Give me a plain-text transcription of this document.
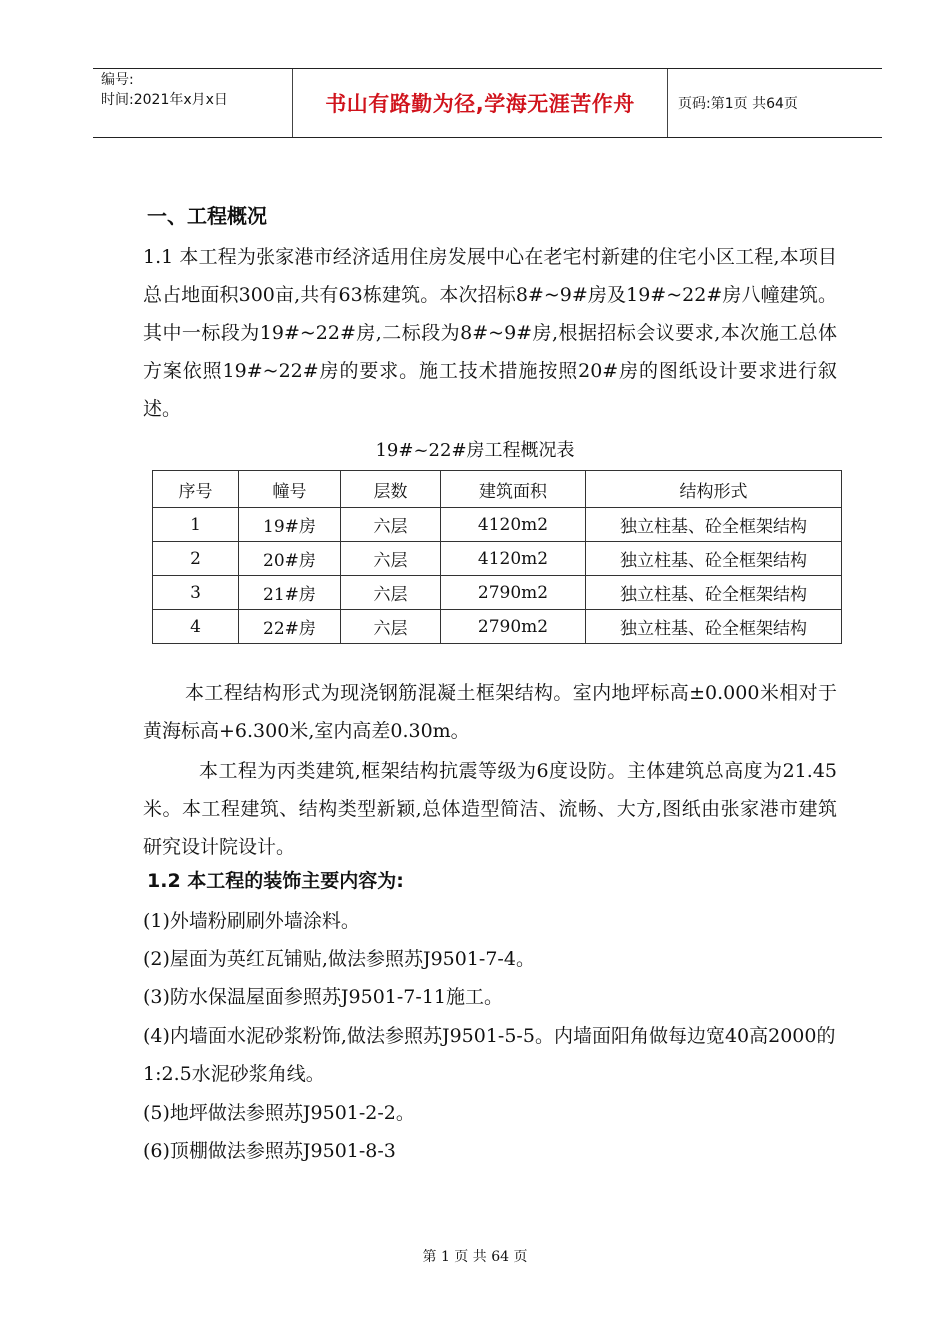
编号:
时间:2021年x月x日	书山有路勤为径,学海无涯苦作舟	页码:第1页 共64页
一、工程概况
1.1 本工程为张家港市经济适用住房发展中心在老宅村新建的住宅小区工程,本项目总占地面积300亩,共有63栋建筑。本次招标8#~9#房及19#~22#房八幢建筑。其中一标段为19#~22#房,二标段为8#~9#房,根据招标会议要求,本次施工总体方案依照19#~22#房的要求。施工技术措施按照20#房的图纸设计要求进行叙述。
19#~22#房工程概况表
序号	幢号	层数	建筑面积	结构形式
1	19#房	六层	4120m2	独立柱基、砼全框架结构
2	20#房	六层	4120m2	独立柱基、砼全框架结构
3	21#房	六层	2790m2	独立柱基、砼全框架结构
4	22#房	六层	2790m2	独立柱基、砼全框架结构
本工程结构形式为现浇钢筋混凝土框架结构。室内地坪标高±0.000米相对于黄海标高+6.300米,室内高差0.30m。
本工程为丙类建筑,框架结构抗震等级为6度设防。主体建筑总高度为21.45米。本工程建筑、结构类型新颖,总体造型简洁、流畅、大方,图纸由张家港市建筑研究设计院设计。
1.2 本工程的装饰主要内容为:
(1)外墙粉刷刷外墙涂料。
(2)屋面为英红瓦铺贴,做法参照苏J9501-7-4。
(3)防水保温屋面参照苏J9501-7-11施工。
(4)内墙面水泥砂浆粉饰,做法参照苏J9501-5-5。内墙面阳角做每边宽40高2000的1:2.5水泥砂浆角线。
(5)地坪做法参照苏J9501-2-2。
(6)顶棚做法参照苏J9501-8-3
第 1 页 共 64 页
